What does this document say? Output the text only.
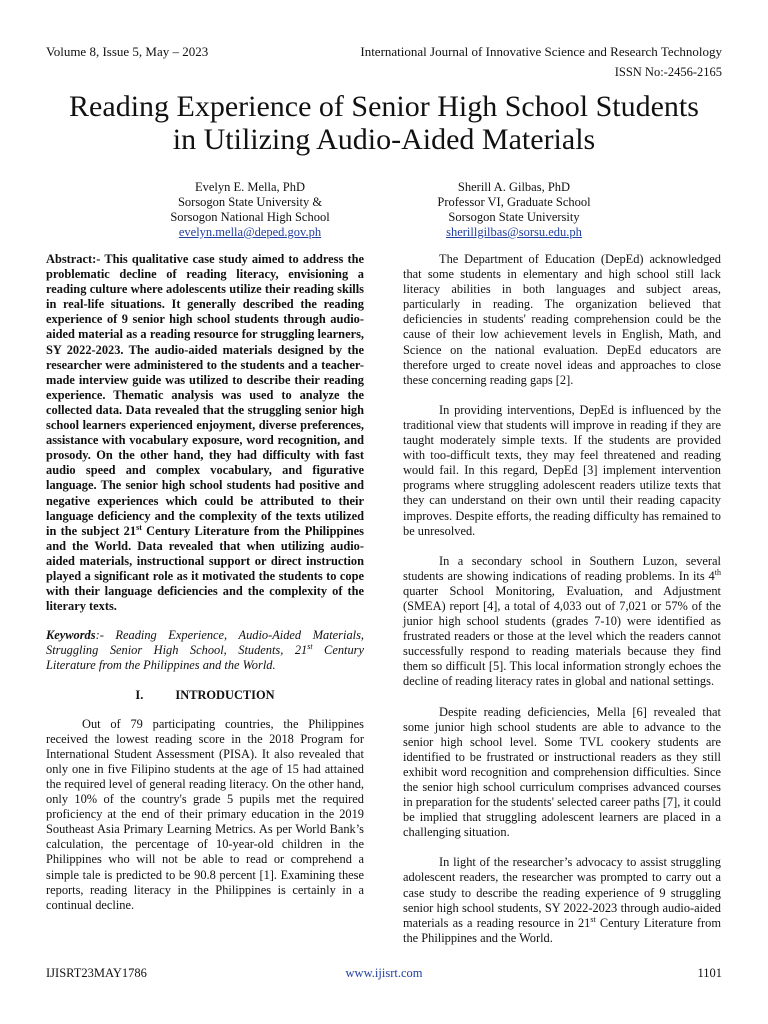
Volume 8, Issue 5, May – 2023	International Journal of Innovative Science and Research Technology
ISSN No:-2456-2165
Reading Experience of Senior High School Students
in Utilizing Audio-Aided Materials
Evelyn E. Mella, PhD
Sorsogon State University &
Sorsogon National High School
evelyn.mella@deped.gov.ph
Sherill A. Gilbas, PhD
Professor VI, Graduate School
Sorsogon State University
sherillgilbas@sorsu.edu.ph

Abstract:- This qualitative case study aimed to address the problematic decline of reading literacy, envisioning a reading culture where adolescents utilize their reading skills in real-life situations. It generally described the reading experience of 9 senior high school students through audio-aided material as a reading resource for struggling learners, SY 2022-2023. The audio-aided materials designed by the researcher were administered to the students and a teacher-made interview guide was utilized to describe their reading experience. Thematic analysis was used to analyze the collected data. Data revealed that the struggling senior high school learners experienced enjoyment, diverse preferences, assistance with vocabulary exposure, word recognition, and prosody. On the other hand, they had difficulty with fast audio speed and complex vocabulary, and figurative language. The senior high school students had positive and negative experiences which could be attributed to their language deficiency and the complexity of the texts utilized in the subject 21st Century Literature from the Philippines and the World. Data revealed that when utilizing audio-aided materials, instructional support or direct instruction played a significant role as it motivated the students to cope with their language deficiencies and the complexity of the literary texts.

Keywords:- Reading Experience, Audio-Aided Materials, Struggling Senior High School, Students, 21st Century Literature from the Philippines and the World.

I.	INTRODUCTION

Out of 79 participating countries, the Philippines received the lowest reading score in the 2018 Program for International Student Assessment (PISA). It also revealed that only one in five Filipino students at the age of 15 had attained the required level of general reading literacy. On the other hand, only 10% of the country's grade 5 pupils met the required proficiency at the end of their primary education in the 2019 Southeast Asia Primary Learning Metrics. As per World Bank’s calculation, the percentage of 10-year-old children in the Philippines who will not be able to read or comprehend a simple tale is predicted to be 90.8 percent [1]. Examining these reports, reading literacy in the Philippines is certainly in a continual decline.

The Department of Education (DepEd) acknowledged that some students in elementary and high school still lack literacy abilities in both languages and subject areas, particularly in reading. The organization believed that deficiencies in students' reading comprehension could be the cause of their low achievement levels in English, Math, and Science on the national evaluation. DepEd educators are therefore urged to create novel ideas and approaches to close these concerning reading gaps [2].

In providing interventions, DepEd is influenced by the traditional view that students will improve in reading if they are taught moderately simple texts. If the students are provided with too-difficult texts, they may feel threatened and reading would fail. In this regard, DepEd [3] implement intervention programs where struggling adolescent readers utilize texts that they can understand on their own until their reading capacity improves. Despite efforts, the reading difficulty has remained to be unresolved.

In a secondary school in Southern Luzon, several students are showing indications of reading problems. In its 4th quarter School Monitoring, Evaluation, and Adjustment (SMEA) report [4], a total of 4,033 out of 7,021 or 57% of the junior high school students (grades 7-10) were identified as frustrated readers or those at the level which the readers cannot successfully respond to reading materials because they find them so difficult [5]. This local information strongly echoes the decline of reading literacy rates in global and national settings.

Despite reading deficiencies, Mella [6] revealed that some junior high school students are able to advance to the senior high school level. Some TVL cookery students are identified to be frustrated or instructional readers as they still exhibit word recognition and comprehension difficulties. Since the senior high school curriculum comprises advanced courses in preparation for the students' selected career paths [7], it could be implied that struggling adolescent learners are placed in a challenging situation.

In light of the researcher’s advocacy to assist struggling adolescent readers, the researcher was prompted to carry out a case study to describe the reading experience of 9 struggling senior high school students, SY 2022-2023 through audio-aided materials as a reading resource in 21st Century Literature from the Philippines and the World.

IJISRT23MAY1786	www.ijisrt.com	1101
